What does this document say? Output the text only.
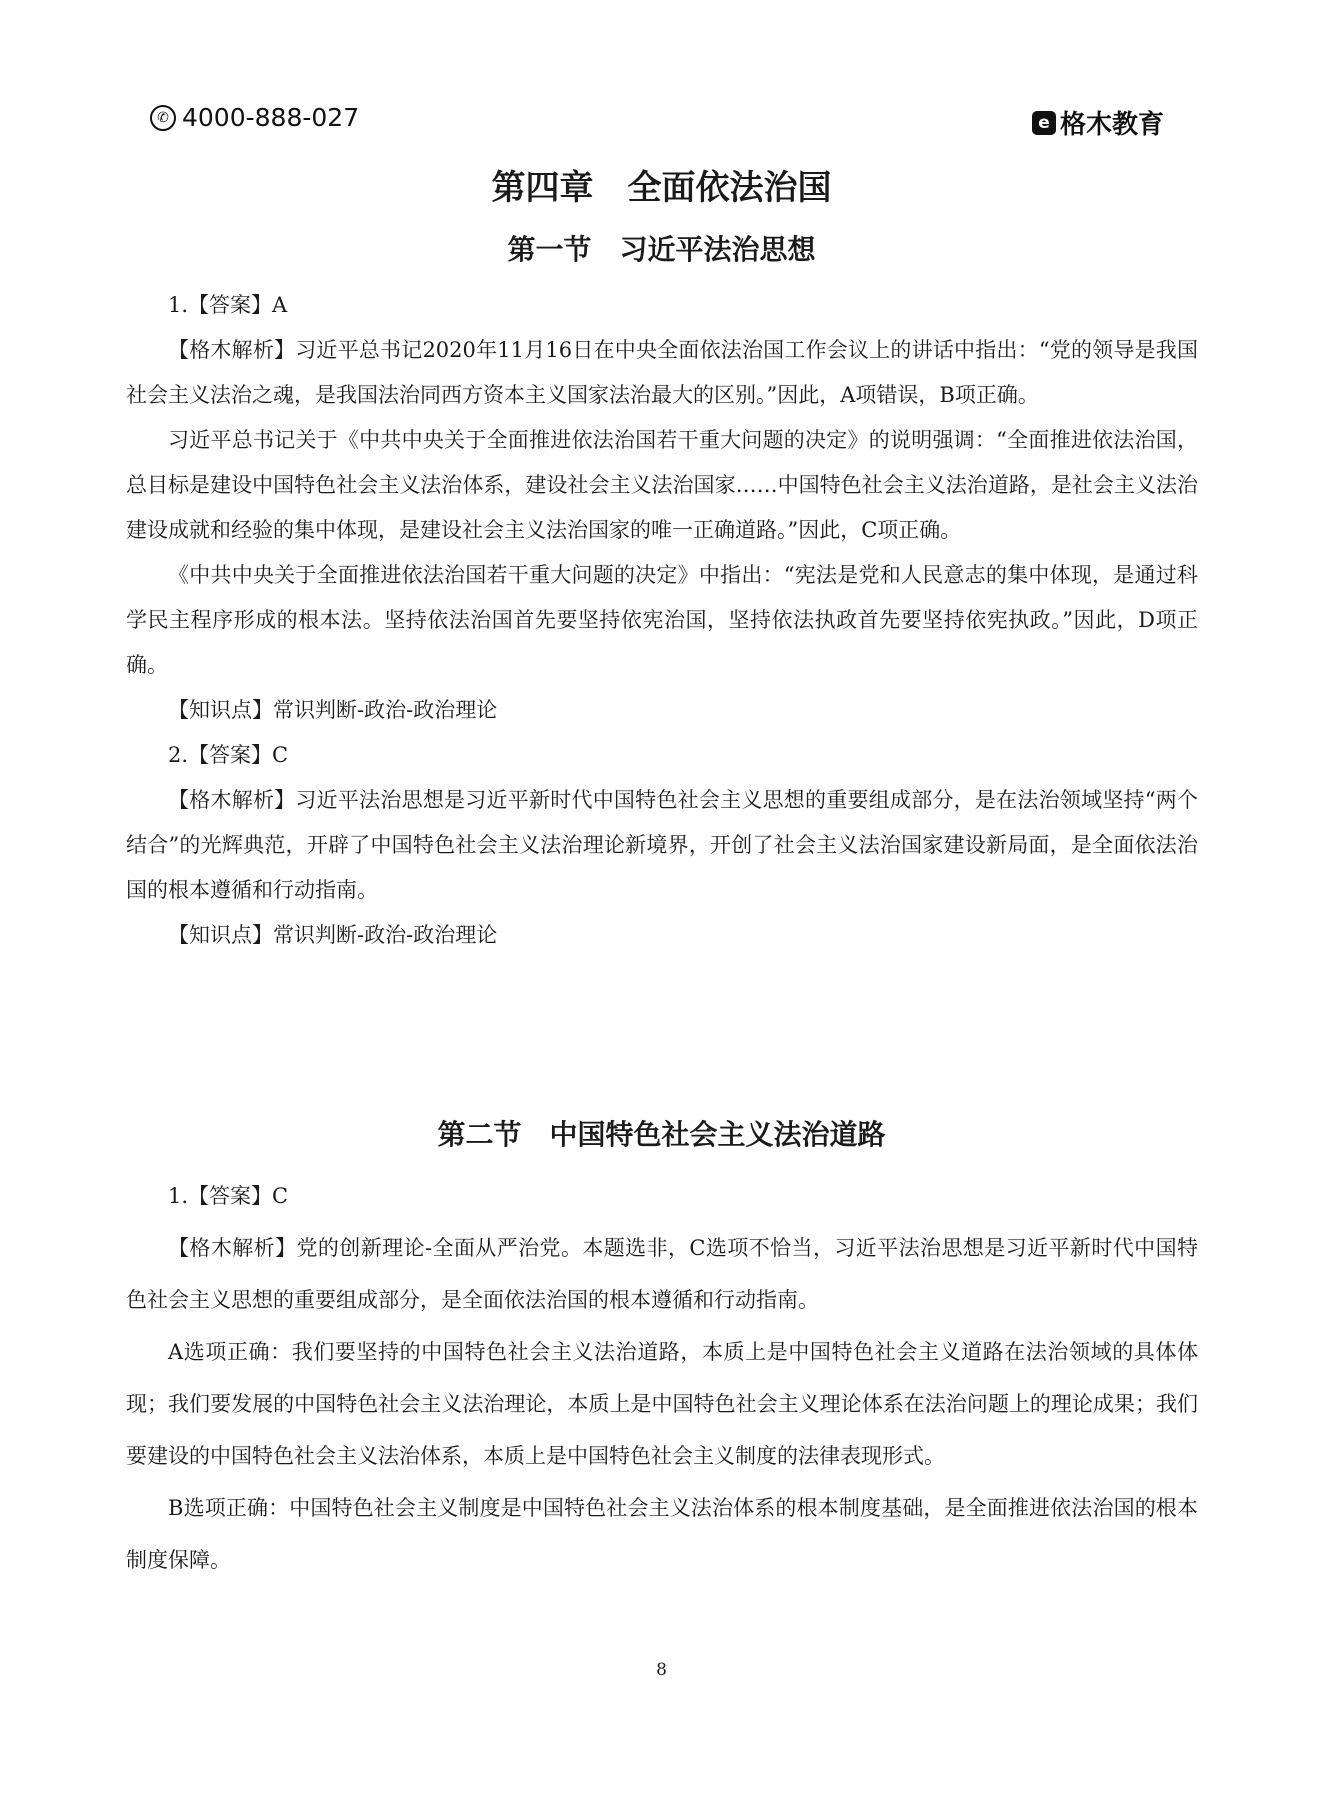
✆ 4000-888-027	e 格木教育
第四章　全面依法治国
第一节　习近平法治思想

1.【答案】A

【格木解析】习近平总书记2020年11月16日在中央全面依法治国工作会议上的讲话中指出：“党的领导是我国社会主义法治之魂，是我国法治同西方资本主义国家法治最大的区别。”因此，A项错误，B项正确。

习近平总书记关于《中共中央关于全面推进依法治国若干重大问题的决定》的说明强调：“全面推进依法治国，总目标是建设中国特色社会主义法治体系，建设社会主义法治国家……中国特色社会主义法治道路，是社会主义法治建设成就和经验的集中体现，是建设社会主义法治国家的唯一正确道路。”因此，C项正确。

《中共中央关于全面推进依法治国若干重大问题的决定》中指出：“宪法是党和人民意志的集中体现，是通过科学民主程序形成的根本法。坚持依法治国首先要坚持依宪治国，坚持依法执政首先要坚持依宪执政。”因此，D项正确。

【知识点】常识判断-政治-政治理论

2.【答案】C

【格木解析】习近平法治思想是习近平新时代中国特色社会主义思想的重要组成部分，是在法治领域坚持“两个结合”的光辉典范，开辟了中国特色社会主义法治理论新境界，开创了社会主义法治国家建设新局面，是全面依法治国的根本遵循和行动指南。

【知识点】常识判断-政治-政治理论

第二节　中国特色社会主义法治道路

1.【答案】C

【格木解析】党的创新理论-全面从严治党。本题选非，C选项不恰当，习近平法治思想是习近平新时代中国特色社会主义思想的重要组成部分，是全面依法治国的根本遵循和行动指南。

A选项正确：我们要坚持的中国特色社会主义法治道路，本质上是中国特色社会主义道路在法治领域的具体体现；我们要发展的中国特色社会主义法治理论，本质上是中国特色社会主义理论体系在法治问题上的理论成果；我们要建设的中国特色社会主义法治体系，本质上是中国特色社会主义制度的法律表现形式。

B选项正确：中国特色社会主义制度是中国特色社会主义法治体系的根本制度基础，是全面推进依法治国的根本制度保障。

8
